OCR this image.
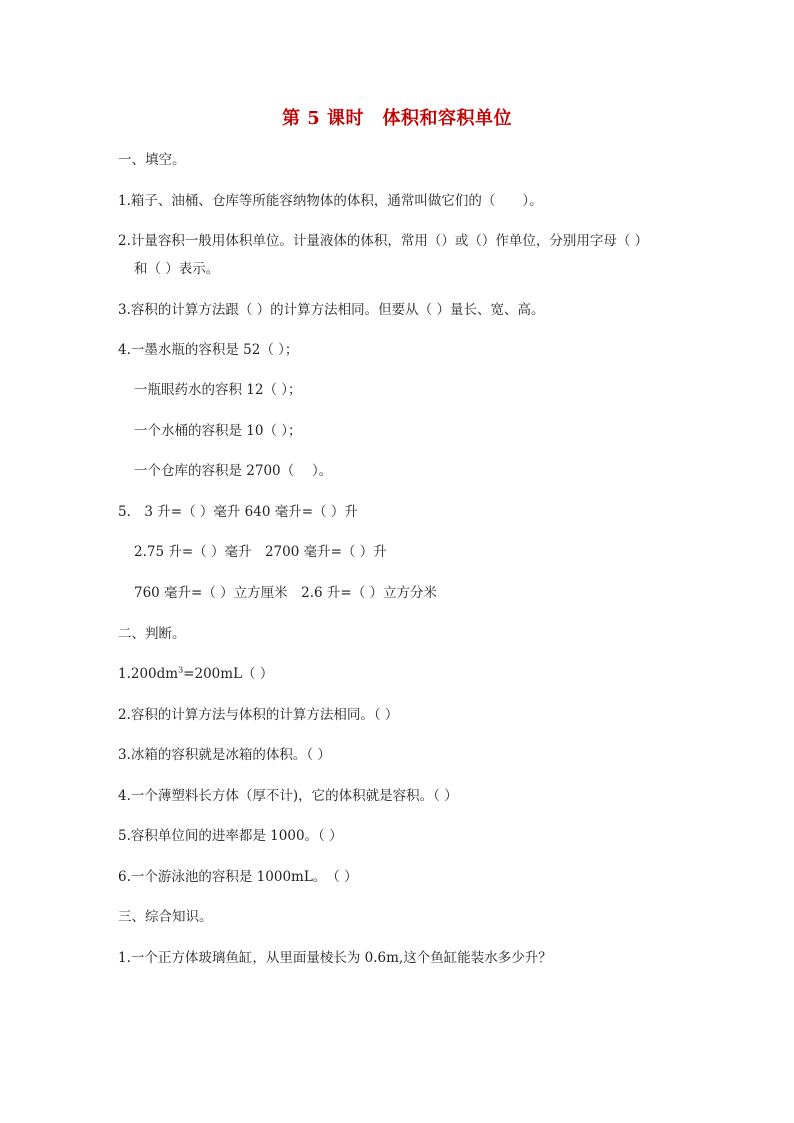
第 5 课时　体积和容积单位
一、填空。
1.箱子、油桶、仓库等所能容纳物体的体积，通常叫做它们的（　　）。
2.计量容积一般用体积单位。计量液体的体积，常用（）或（）作单位，分别用字母（ ）
和（ ）表示。
3.容积的计算方法跟（ ）的计算方法相同。但要从（ ）量长、宽、高。
4.一墨水瓶的容积是 52（ ）；
一瓶眼药水的容积 12（ ）；
一个水桶的容积是 10（ ）；
一个仓库的容积是 2700（　 ）。
5.　3 升=（ ）毫升 640 毫升=（ ）升
2.75 升=（ ）毫升　2700 毫升=（ ）升
760 毫升=（ ）立方厘米　2.6 升=（ ）立方分米
二、判断。
$1.200dm^3=200mL$（ ）
2.容积的计算方法与体积的计算方法相同。（ ）
3.冰箱的容积就是冰箱的体积。（ ）
4.一个薄塑料长方体（厚不计)，它的体积就是容积。（ ）
5.容积单位间的进率都是 1000。（ ）
6.一个游泳池的容积是 1000mL。　（ ）
三、综合知识。
1.一个正方体玻璃鱼缸，从里面量棱长为 0.6m,这个鱼缸能装水多少升？
